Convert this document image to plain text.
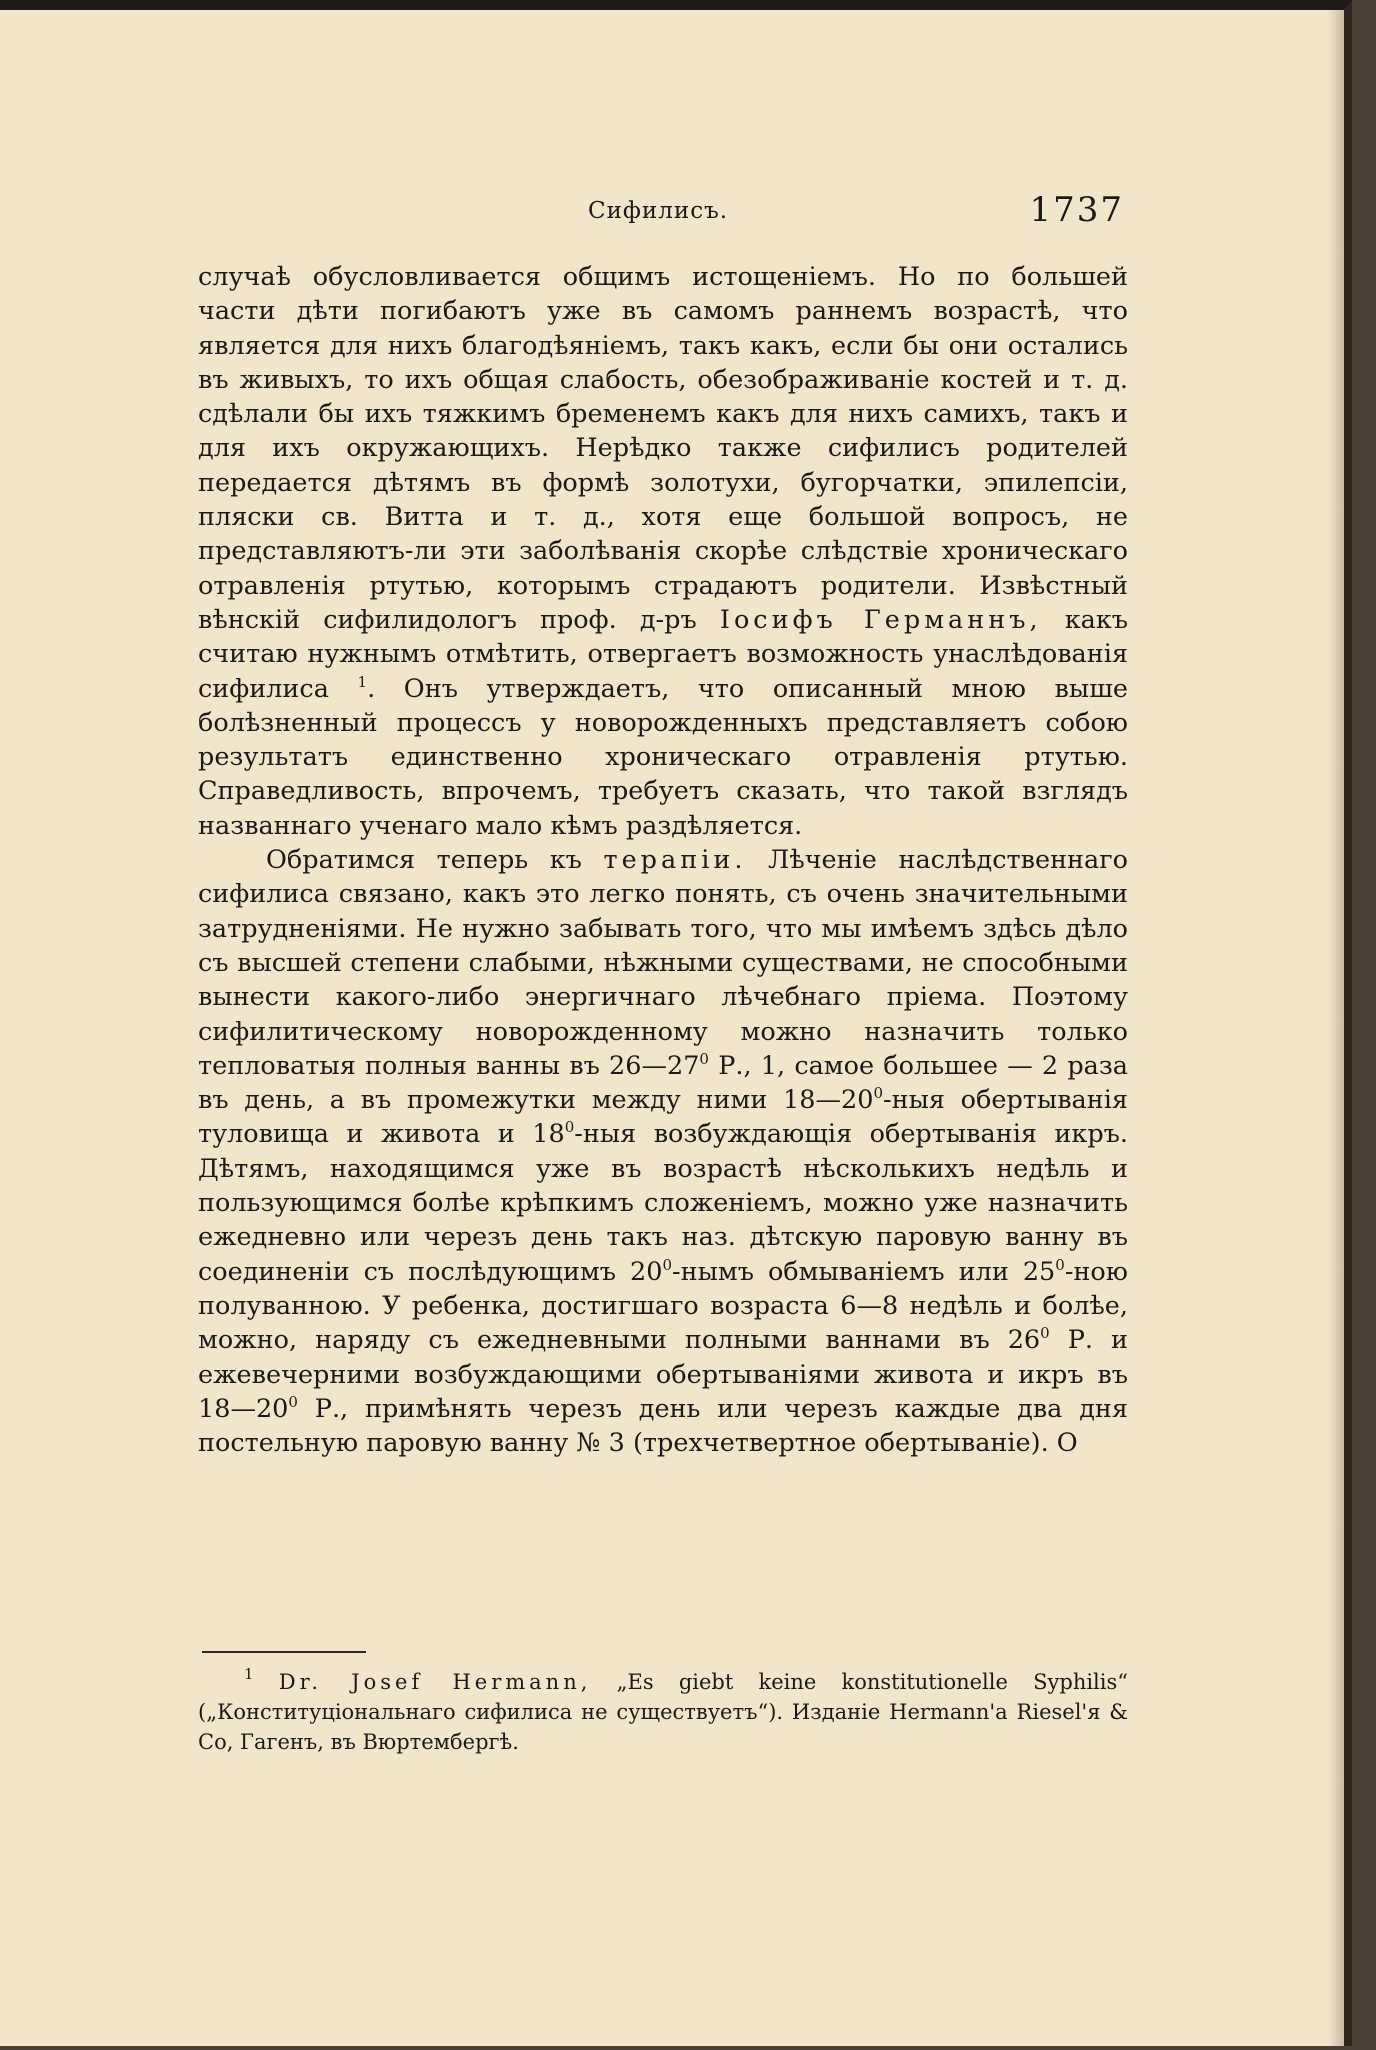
Сифилисъ.	1737

случаѣ обусловливается общимъ истощеніемъ. Но по большей части дѣти погибаютъ уже въ самомъ раннемъ возрастѣ, что является для нихъ благодѣяніемъ, такъ какъ, если бы они остались въ живыхъ, то ихъ общая слабость, обезображиваніе костей и т. д. сдѣлали бы ихъ тяжкимъ бременемъ какъ для нихъ самихъ, такъ и для ихъ окружающихъ. Нерѣдко также сифилисъ родителей передается дѣтямъ въ формѣ золотухи, бугорчатки, эпилепсіи, пляски св. Витта и т. д., хотя еще большой вопросъ, не представляютъ-ли эти заболѣванія скорѣе слѣдствіе хроническаго отравленія ртутью, которымъ страдаютъ родители. Извѣстный вѣнскій сифилидологъ проф. д-ръ Іосифъ Германнъ, какъ считаю нужнымъ отмѣтить, отвергаетъ возможность унаслѣдованія сифилиса $^1$. Онъ утверждаетъ, что описанный мною выше болѣзненный процессъ у новорожденныхъ представляетъ собою результатъ единственно хроническаго отравленія ртутью. Справедливость, впрочемъ, требуетъ сказать, что такой взглядъ названнаго ученаго мало кѣмъ раздѣляется.

Обратимся теперь къ терапіи. Лѣченіе наслѣдственнаго сифилиса связано, какъ это легко понять, съ очень значительными затрудненіями. Не нужно забывать того, что мы имѣемъ здѣсь дѣло съ высшей степени слабыми, нѣжными существами, не способными вынести какого-либо энергичнаго лѣчебнаго пріема. Поэтому сифилитическому новорожденному можно назначить только тепловатыя полныя ванны въ $26—27^0$ Р., 1, самое большее — 2 раза въ день, а въ промежутки между ними $18—20^0$-ныя обертыванія туловища и живота и $18^0$-ныя возбуждающія обертыванія икръ. Дѣтямъ, находящимся уже въ возрастѣ нѣсколькихъ недѣль и пользующимся болѣе крѣпкимъ сложеніемъ, можно уже назначить ежедневно или черезъ день такъ наз. дѣтскую паровую ванну въ соединеніи съ послѣдующимъ $20^0$-нымъ обмываніемъ или $25^0$-ною полуванною. У ребенка, достигшаго возраста 6—8 недѣль и болѣе, можно, наряду съ ежедневными полными ваннами въ $26^0$ Р. и ежевечерними возбуждающими обертываніями живота и икръ въ $18—20^0$ Р., примѣнять черезъ день или черезъ каждые два дня постельную паровую ванну № 3 (трехчетвертное обертываніе). О

$^1$ Dr. Josef Hermann, „Es giebt keine konstitutionelle Syphilis“ („Конституціональнаго сифилиса не существуетъ“). Изданіе Hermann'a Riesel'я & Co, Гагенъ, въ Вюртембергѣ.
